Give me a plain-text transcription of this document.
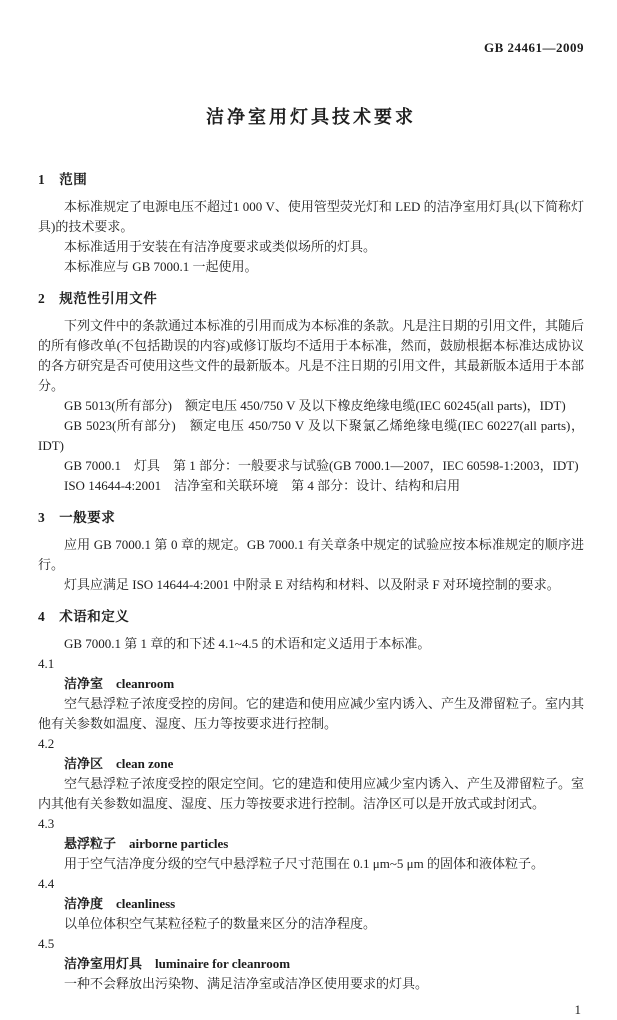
GB 24461—2009
洁净室用灯具技术要求
1　范围

本标准规定了电源电压不超过1 000 V、使用管型荧光灯和 LED 的洁净室用灯具(以下简称灯具)的技术要求。

本标准适用于安装在有洁净度要求或类似场所的灯具。

本标准应与 GB 7000.1 一起使用。

2　规范性引用文件

下列文件中的条款通过本标准的引用而成为本标准的条款。凡是注日期的引用文件，其随后的所有修改单(不包括勘误的内容)或修订版均不适用于本标准，然而，鼓励根据本标准达成协议的各方研究是否可使用这些文件的最新版本。凡是不注日期的引用文件，其最新版本适用于本部分。

GB 5013(所有部分)　额定电压 450/750 V 及以下橡皮绝缘电缆(IEC 60245(all parts)，IDT)

GB 5023(所有部分)　额定电压 450/750 V 及以下聚氯乙烯绝缘电缆(IEC 60227(all parts)，IDT)

GB 7000.1　灯具　第 1 部分：一般要求与试验(GB 7000.1—2007，IEC 60598-1:2003，IDT)

ISO 14644-4:2001　洁净室和关联环境　第 4 部分：设计、结构和启用

3　一般要求

应用 GB 7000.1 第 0 章的规定。GB 7000.1 有关章条中规定的试验应按本标准规定的顺序进行。

灯具应满足 ISO 14644-4:2001 中附录 E 对结构和材料、以及附录 F 对环境控制的要求。

4　术语和定义

GB 7000.1 第 1 章的和下述 4.1~4.5 的术语和定义适用于本标准。

4.1

洁净室　cleanroom

空气悬浮粒子浓度受控的房间。它的建造和使用应减少室内诱入、产生及滞留粒子。室内其他有关参数如温度、湿度、压力等按要求进行控制。

4.2

洁净区　clean zone

空气悬浮粒子浓度受控的限定空间。它的建造和使用应减少室内诱入、产生及滞留粒子。室内其他有关参数如温度、湿度、压力等按要求进行控制。洁净区可以是开放式或封闭式。

4.3

悬浮粒子　airborne particles

用于空气洁净度分级的空气中悬浮粒子尺寸范围在 0.1 μm~5 μm 的固体和液体粒子。

4.4

洁净度　cleanliness

以单位体积空气某粒径粒子的数量来区分的洁净程度。

4.5

洁净室用灯具　luminaire for cleanroom

一种不会释放出污染物、满足洁净室或洁净区使用要求的灯具。

1
